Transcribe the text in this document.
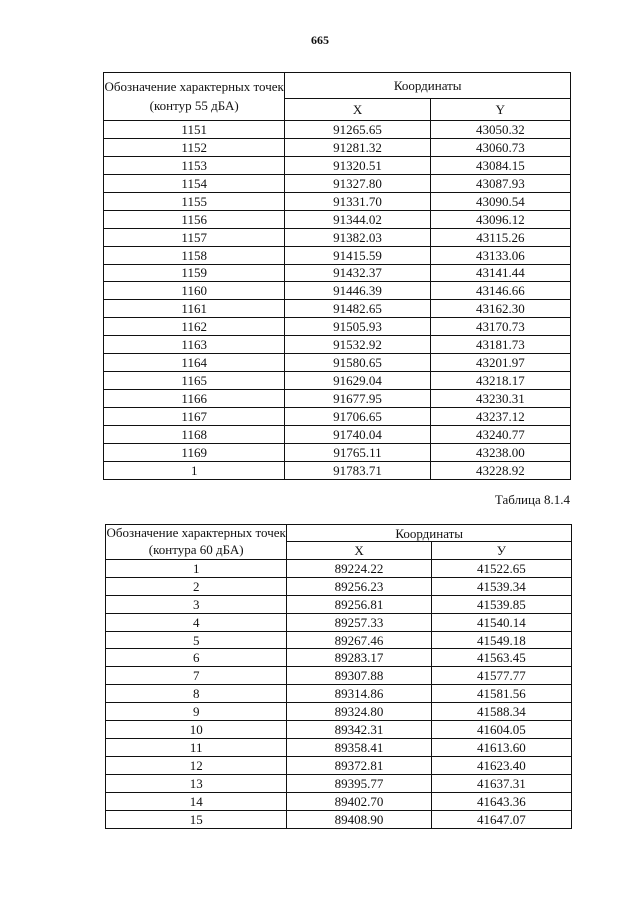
665
Обозначение характерных точек (контур 55 дБА)	Координаты	
	X	Y
1151	91265.65	43050.32
1152	91281.32	43060.73
1153	91320.51	43084.15
1154	91327.80	43087.93
1155	91331.70	43090.54
1156	91344.02	43096.12
1157	91382.03	43115.26
1158	91415.59	43133.06
1159	91432.37	43141.44
1160	91446.39	43146.66
1161	91482.65	43162.30
1162	91505.93	43170.73
1163	91532.92	43181.73
1164	91580.65	43201.97
1165	91629.04	43218.17
1166	91677.95	43230.31
1167	91706.65	43237.12
1168	91740.04	43240.77
1169	91765.11	43238.00
1	91783.71	43228.92
Таблица 8.1.4
Обозначение характерных точек (контура 60 дБА)	Координаты	
	X	У
1	89224.22	41522.65
2	89256.23	41539.34
3	89256.81	41539.85
4	89257.33	41540.14
5	89267.46	41549.18
6	89283.17	41563.45
7	89307.88	41577.77
8	89314.86	41581.56
9	89324.80	41588.34
10	89342.31	41604.05
11	89358.41	41613.60
12	89372.81	41623.40
13	89395.77	41637.31
14	89402.70	41643.36
15	89408.90	41647.07
